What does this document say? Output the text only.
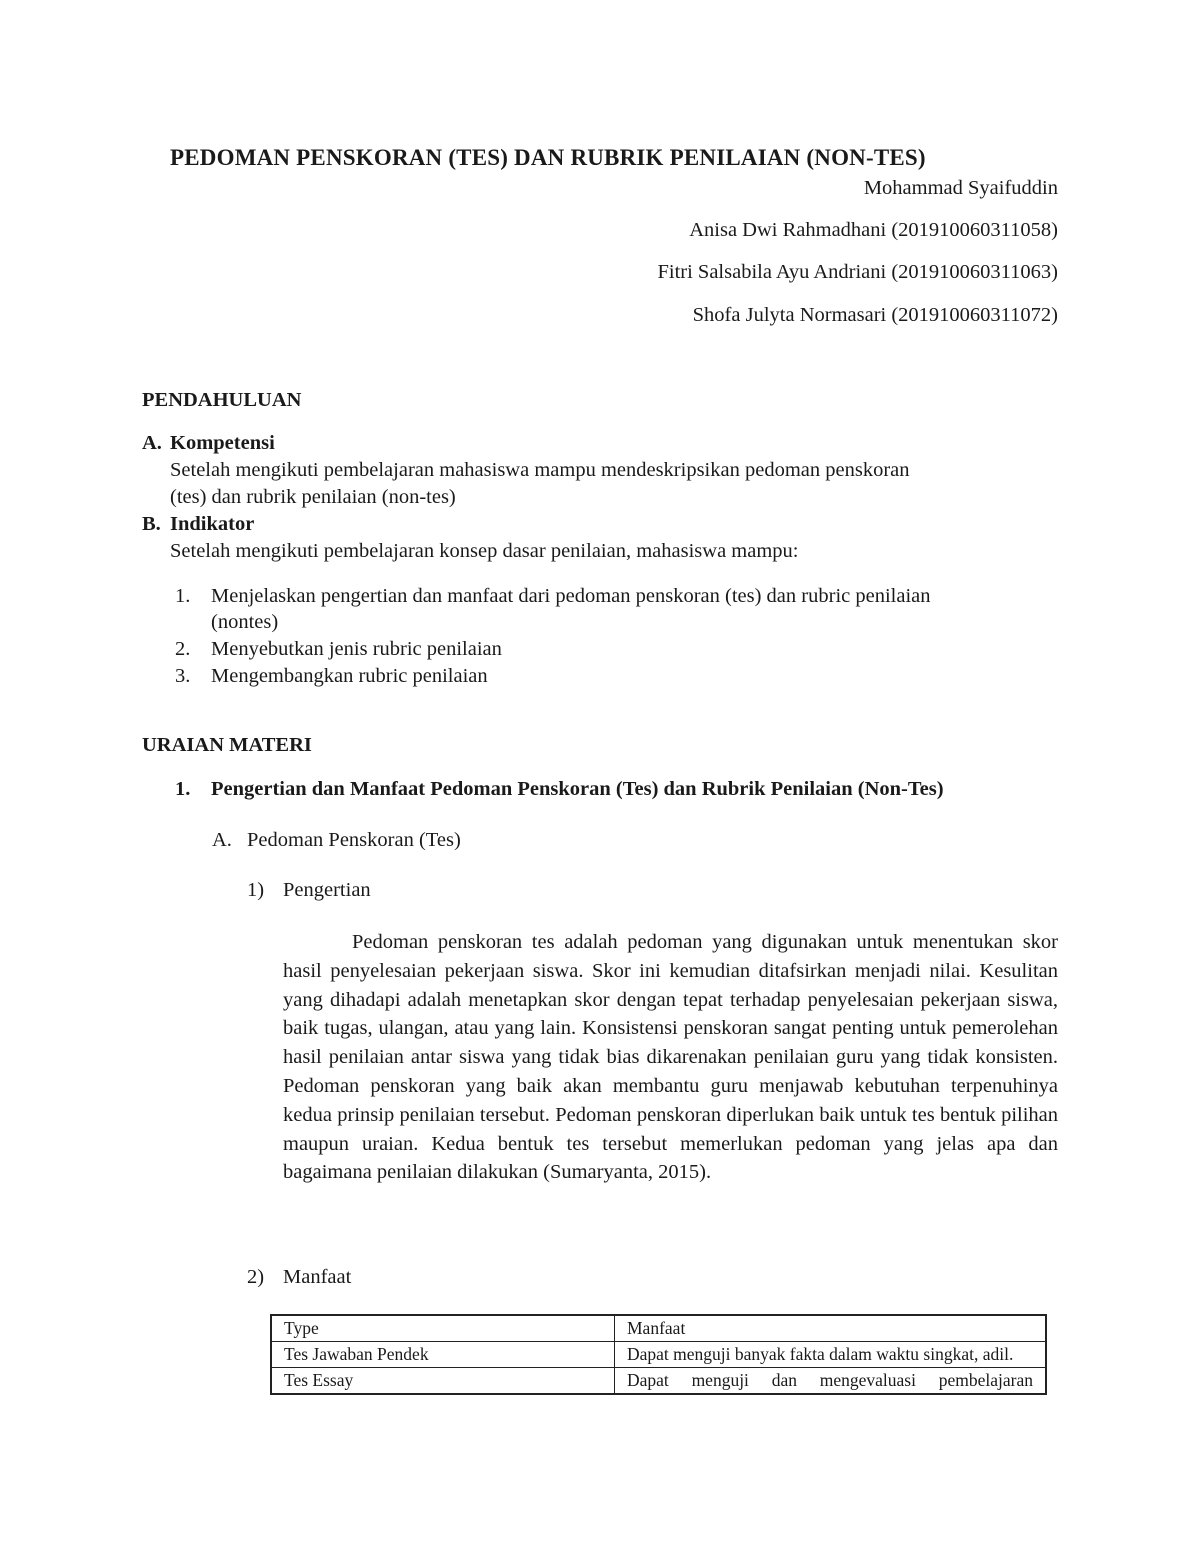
PEDOMAN PENSKORAN (TES) DAN RUBRIK PENILAIAN (NON-TES)
Mohammad Syaifuddin
Anisa Dwi Rahmadhani (201910060311058)
Fitri Salsabila Ayu Andriani (201910060311063)
Shofa Julyta Normasari (201910060311072)
PENDAHULUAN
A. Kompetensi
Setelah mengikuti pembelajaran mahasiswa mampu mendeskripsikan pedoman penskoran
(tes) dan rubrik penilaian (non-tes)
B. Indikator
Setelah mengikuti pembelajaran konsep dasar penilaian, mahasiswa mampu:
1. Menjelaskan pengertian dan manfaat dari pedoman penskoran (tes) dan rubric penilaian
(nontes)
2. Menyebutkan jenis rubric penilaian
3. Mengembangkan rubric penilaian
URAIAN MATERI
1. Pengertian dan Manfaat Pedoman Penskoran (Tes) dan Rubrik Penilaian (Non-Tes)
A. Pedoman Penskoran (Tes)
1) Pengertian

Pedoman penskoran tes adalah pedoman yang digunakan untuk menentukan skor hasil penyelesaian pekerjaan siswa. Skor ini kemudian ditafsirkan menjadi nilai. Kesulitan yang dihadapi adalah menetapkan skor dengan tepat terhadap penyelesaian pekerjaan siswa, baik tugas, ulangan, atau yang lain. Konsistensi penskoran sangat penting untuk pemerolehan hasil penilaian antar siswa yang tidak bias dikarenakan penilaian guru yang tidak konsisten. Pedoman penskoran yang baik akan membantu guru menjawab kebutuhan terpenuhinya kedua prinsip penilaian tersebut. Pedoman penskoran diperlukan baik untuk tes bentuk pilihan maupun uraian. Kedua bentuk tes tersebut memerlukan pedoman yang jelas apa dan bagaimana penilaian dilakukan (Sumaryanta, 2015).

2) Manfaat
Type	Manfaat
Tes Jawaban Pendek	Dapat menguji banyak fakta dalam waktu singkat, adil.
Tes Essay	Dapat menguji dan mengevaluasi pembelajaran
